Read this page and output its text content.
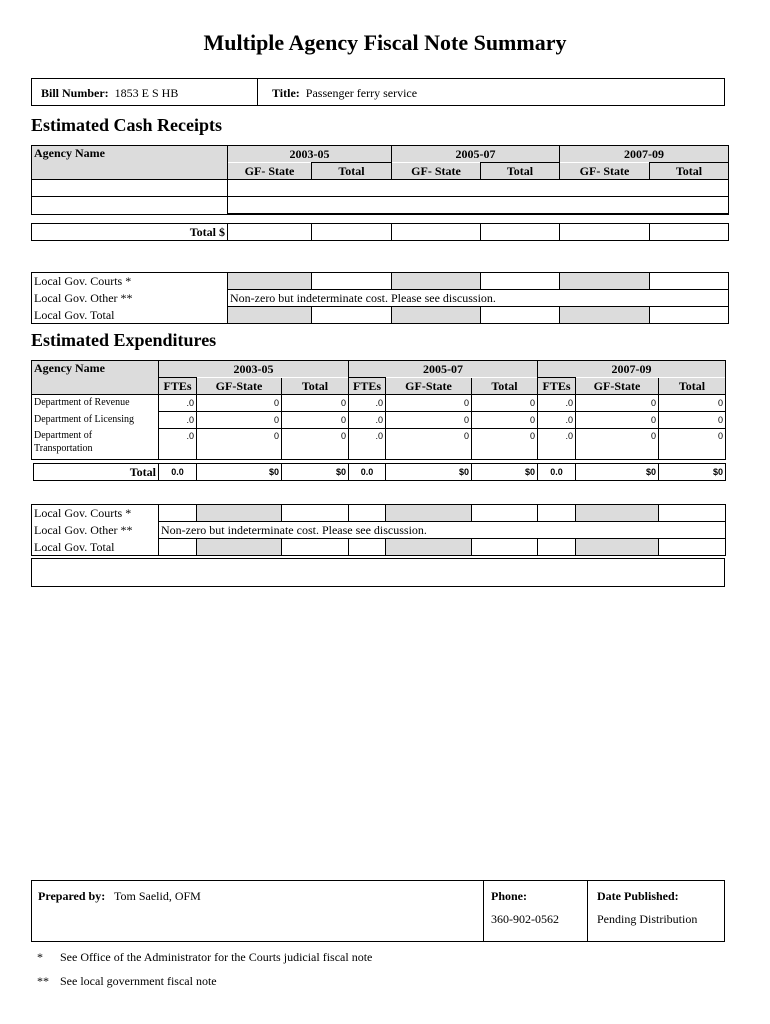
Multiple Agency Fiscal Note Summary
Bill Number: 1853 E S HB	Title: Passenger ferry service
Estimated Cash Receipts
Agency Name	2003-05		2005-07		2007-09	
	GF- State	Total	GF- State	Total	GF- State	Total

Total $						
Local Gov. Courts *						
Local Gov. Other **	Non-zero but indeterminate cost. Please see discussion.					
Local Gov. Total						
Estimated Expenditures
Agency Name	2003-05			2005-07			2007-09		
	FTEs	GF-State	Total	FTEs	GF-State	Total	FTEs	GF-State	Total
Department of Revenue	.0	0	0	.0	0	0	.0	0	0
Department of Licensing	.0	0	0	.0	0	0	.0	0	0
Department of
Transportation	.0	0	0	.0	0	0	.0	0	0
Total	0.0	$0	$0	0.0	$0	$0	0.0	$0	$0
Local Gov. Courts *									
Local Gov. Other **	Non-zero but indeterminate cost. Please see discussion.								
Local Gov. Total									
Prepared by: Tom Saelid, OFM	Phone:
360-902-0562
Date Published:
Pending Distribution
* See Office of the Administrator for the Courts judicial fiscal note
** See local government fiscal note
